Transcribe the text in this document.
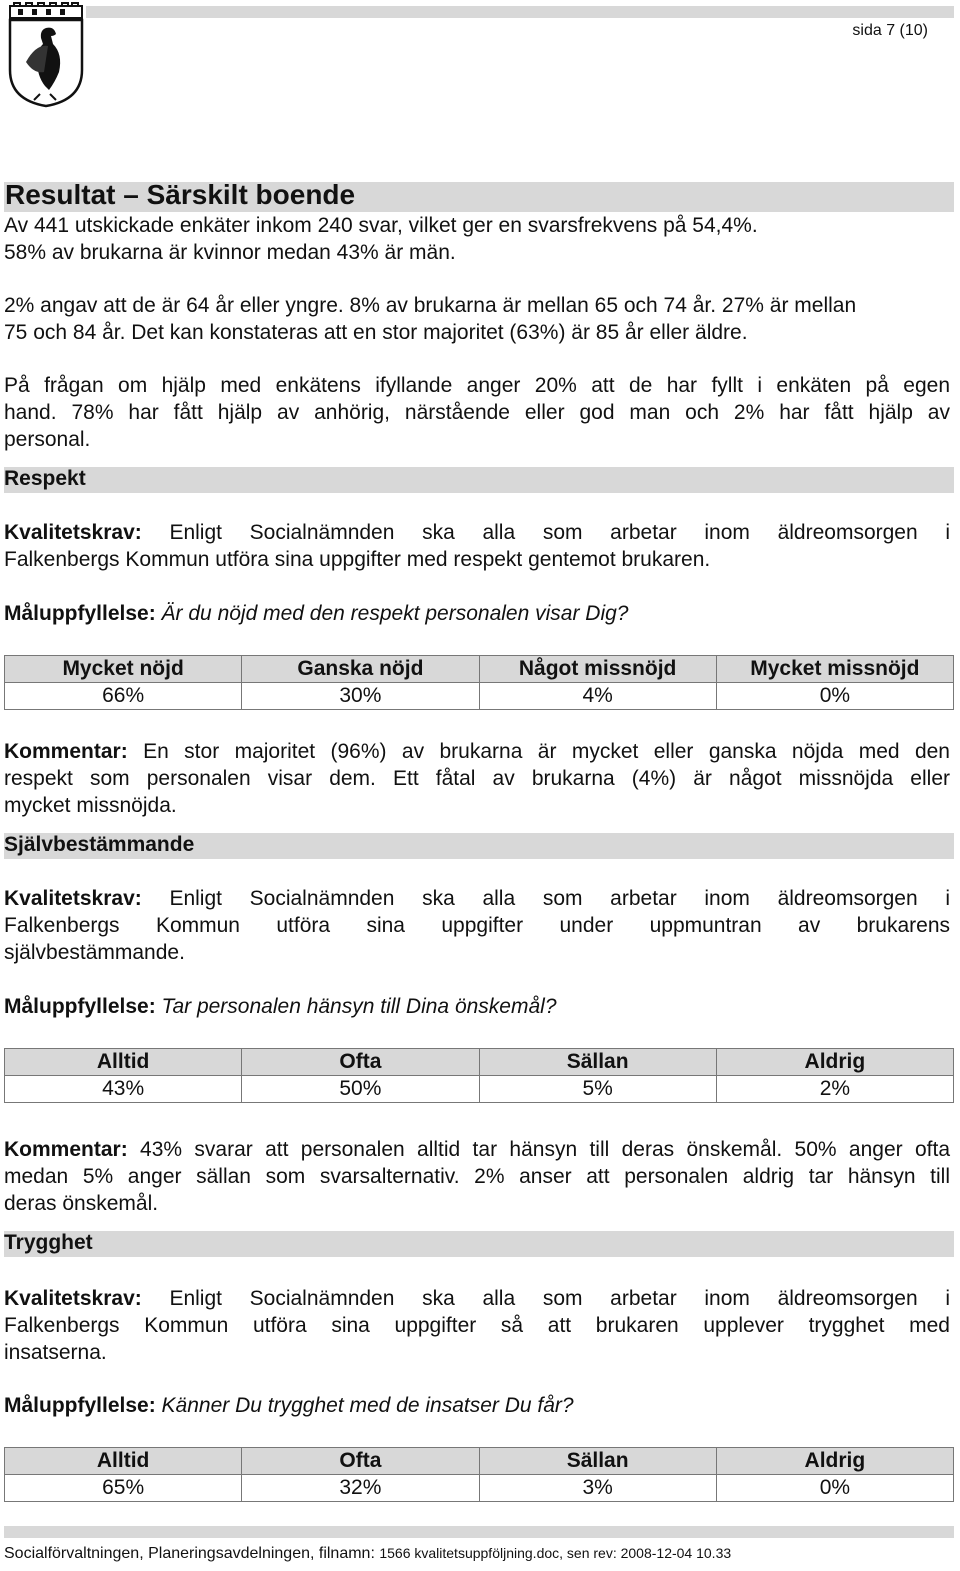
sida 7 (10)
Resultat – Särskilt boende
Av 441 utskickade enkäter inkom 240 svar, vilket ger en svarsfrekvens på 54,4%.
58% av brukarna är kvinnor medan 43% är män.
2% angav att de är 64 år eller yngre. 8% av brukarna är mellan 65 och 74 år. 27% är mellan
75 och 84 år. Det kan konstateras att en stor majoritet (63%) är 85 år eller äldre.
På frågan om hjälp med enkätens ifyllande anger 20% att de har fyllt i enkäten på egen
hand. 78% har fått hjälp av anhörig, närstående eller god man och 2% har fått hjälp av
personal.
Respekt
Kvalitetskrav: Enligt Socialnämnden ska alla som arbetar inom äldreomsorgen i
Falkenbergs Kommun utföra sina uppgifter med respekt gentemot brukaren.
Måluppfyllelse: Är du nöjd med den respekt personalen visar Dig?
Mycket nöjd	Ganska nöjd	Något missnöjd	Mycket missnöjd
66%	30%	4%	0%
Kommentar: En stor majoritet (96%) av brukarna är mycket eller ganska nöjda med den
respekt som personalen visar dem. Ett fåtal av brukarna (4%) är något missnöjda eller
mycket missnöjda.
Självbestämmande
Kvalitetskrav: Enligt Socialnämnden ska alla som arbetar inom äldreomsorgen i
Falkenbergs Kommun utföra sina uppgifter under uppmuntran av brukarens
självbestämmande.
Måluppfyllelse: Tar personalen hänsyn till Dina önskemål?
Alltid	Ofta	Sällan	Aldrig
43%	50%	5%	2%
Kommentar: 43% svarar att personalen alltid tar hänsyn till deras önskemål. 50% anger ofta
medan 5% anger sällan som svarsalternativ. 2% anser att personalen aldrig tar hänsyn till
deras önskemål.
Trygghet
Kvalitetskrav: Enligt Socialnämnden ska alla som arbetar inom äldreomsorgen i
Falkenbergs Kommun utföra sina uppgifter så att brukaren upplever trygghet med
insatserna.
Måluppfyllelse: Känner Du trygghet med de insatser Du får?
Alltid	Ofta	Sällan	Aldrig
65%	32%	3%	0%
Socialförvaltningen, Planeringsavdelningen, filnamn: 1566 kvalitetsuppföljning.doc, sen rev: 2008-12-04 10.33
